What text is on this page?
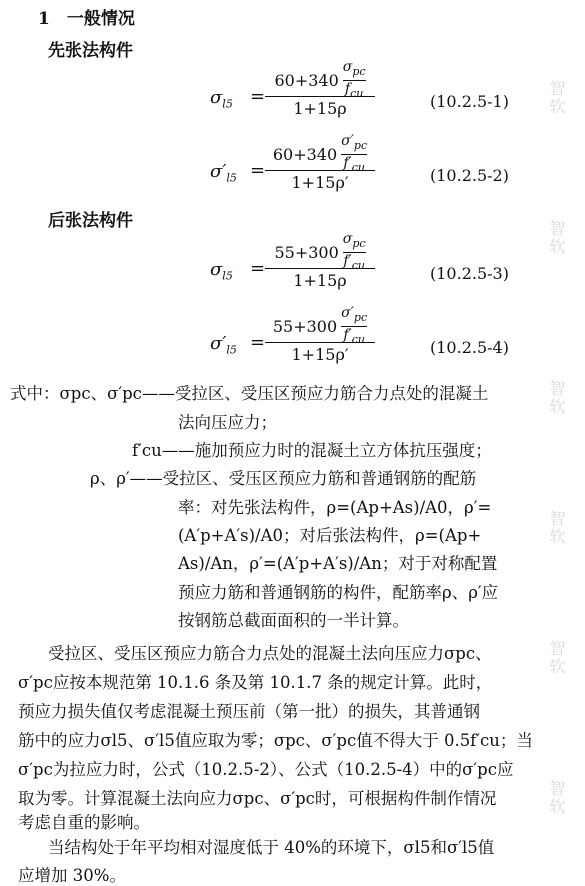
1　一般情况
先张法构件
$\sigma_{l5}$ =
60+340
$\sigma_{pc}$
$f_{cu}$
1+15ρ	(10.2.5-1)
$\sigma'_{l5}$ =
60+340
$\sigma'_{pc}$
$f'_{cu}$
1+15ρ′	(10.2.5-2)
后张法构件
$\sigma_{l5}$ =
55+300
$\sigma_{pc}$
$f'_{cu}$
1+15ρ	(10.2.5-3)
$\sigma'_{l5}$ =
55+300
$\sigma'_{pc}$
$f'_{cu}$
1+15ρ′	(10.2.5-4)
式中：σpc、σ′pc——受拉区、受压区预应力筋合力点处的混凝土
法向压应力；
f′cu——施加预应力时的混凝土立方体抗压强度；
ρ、ρ′——受拉区、受压区预应力筋和普通钢筋的配筋
率：对先张法构件，ρ=(Ap+As)/A0，ρ′=
(A′p+A′s)/A0；对后张法构件，ρ=(Ap+
As)/An，ρ′=(A′p+A′s)/An；对于对称配置
预应力筋和普通钢筋的构件，配筋率ρ、ρ′应
按钢筋总截面面积的一半计算。
受拉区、受压区预应力筋合力点处的混凝土法向压应力σpc、
σ′pc应按本规范第 10.1.6 条及第 10.1.7 条的规定计算。此时，
预应力损失值仅考虑混凝土预压前（第一批）的损失，其普通钢
筋中的应力σl5、σ′l5值应取为零；σpc、σ′pc值不得大于 0.5f′cu；当
σ′pc为拉应力时，公式（10.2.5-2）、公式（10.2.5-4）中的σ′pc应
取为零。计算混凝土法向应力σpc、σ′pc时，可根据构件制作情况
考虑自重的影响。
当结构处于年平均相对湿度低于 40%的环境下，σl5和σ′l5值
应增加 30%。
智软
智软
智软
智软
智软
智软
